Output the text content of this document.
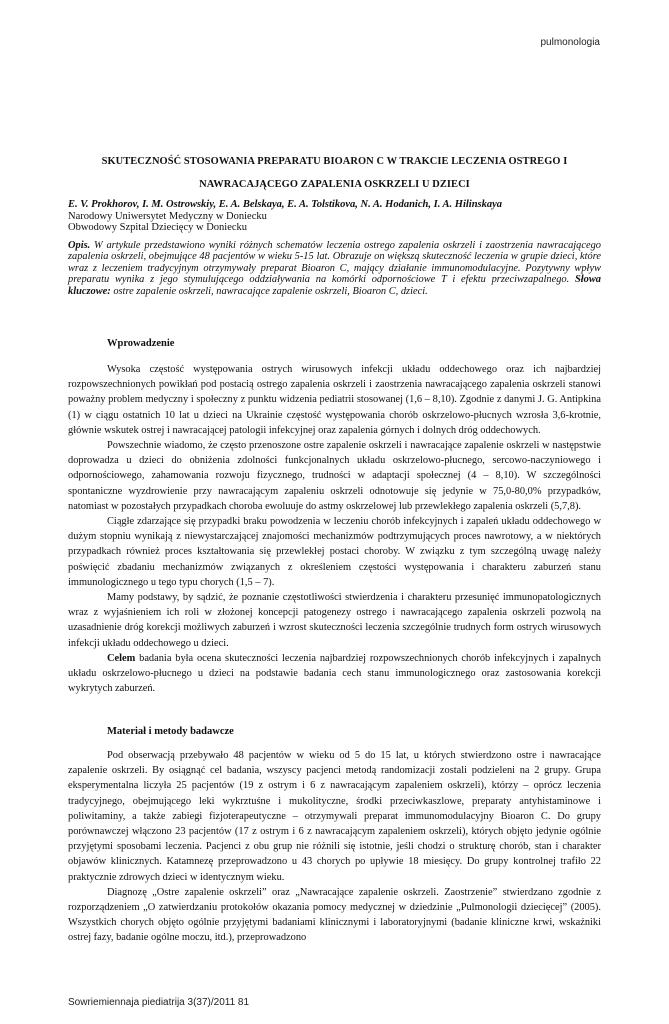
pulmonologia
SKUTECZNOŚĆ STOSOWANIA PREPARATU BIOARON C W TRAKCIE LECZENIA OSTREGO I
NAWRACAJĄCEGO ZAPALENIA OSKRZELI U DZIECI
E. V. Prokhorov, I. M. Ostrowskiy, E. A. Belskaya, E. A. Tolstikova, N. A. Hodanich, I. A. Hilinskaya
Narodowy Uniwersytet Medyczny w Doniecku
Obwodowy Szpital Dziecięcy w Doniecku
Opis. W artykule przedstawiono wyniki różnych schematów leczenia ostrego zapalenia oskrzeli i zaostrzenia nawracającego zapalenia oskrzeli, obejmujące 48 pacjentów w wieku 5-15 lat. Obrazuje on większą skuteczność leczenia w grupie dzieci, które wraz z leczeniem tradycyjnym otrzymywały preparat Bioaron C, mający działanie immunomodulacyjne. Pozytywny wpływ preparatu wynika z jego stymulującego oddziaływania na komórki odpornościowe T i efektu przeciwzapalnego. Słowa kluczowe: ostre zapalenie oskrzeli, nawracające zapalenie oskrzeli, Bioaron C, dzieci.
Wprowadzenie

Wysoka częstość występowania ostrych wirusowych infekcji układu oddechowego oraz ich najbardziej rozpowszechnionych powikłań pod postacią ostrego zapalenia oskrzeli i zaostrzenia nawracającego zapalenia oskrzeli stanowi poważny problem medyczny i społeczny z punktu widzenia pediatrii stosowanej (1,6 – 8,10). Zgodnie z danymi J. G. Antipkina (1) w ciągu ostatnich 10 lat u dzieci na Ukrainie częstość występowania chorób oskrzelowo-płucnych wzrosła 3,6-krotnie, głównie wskutek ostrej i nawracającej patologii infekcyjnej oraz zapalenia górnych i dolnych dróg oddechowych.

Powszechnie wiadomo, że często przenoszone ostre zapalenie oskrzeli i nawracające zapalenie oskrzeli w następstwie doprowadza u dzieci do obniżenia zdolności funkcjonalnych układu oskrzelowo-płucnego, sercowo-naczyniowego i odpornościowego, zahamowania rozwoju fizycznego, trudności w adaptacji społecznej (4 – 8,10). W szczególności spontaniczne wyzdrowienie przy nawracającym zapaleniu oskrzeli odnotowuje się jedynie w 75,0-80,0% przypadków, natomiast w pozostałych przypadkach choroba ewoluuje do astmy oskrzelowej lub przewlekłego zapalenia oskrzeli (5,7,8).

Ciągłe zdarzające się przypadki braku powodzenia w leczeniu chorób infekcyjnych i zapaleń układu oddechowego w dużym stopniu wynikają z niewystarczającej znajomości mechanizmów podtrzymujących proces nawrotowy, a w niektórych przypadkach również proces kształtowania się przewlekłej postaci choroby. W związku z tym szczególną uwagę należy poświęcić zbadaniu mechanizmów związanych z określeniem częstości występowania i charakteru zaburzeń stanu immunologicznego u tego typu chorych (1,5 – 7).

Mamy podstawy, by sądzić, że poznanie częstotliwości stwierdzenia i charakteru przesunięć immunopatologicznych wraz z wyjaśnieniem ich roli w złożonej koncepcji patogenezy ostrego i nawracającego zapalenia oskrzeli pozwolą na uzasadnienie dróg korekcji możliwych zaburzeń i wzrost skuteczności leczenia szczególnie trudnych form ostrych wirusowych infekcji układu oddechowego u dzieci.

Celem badania była ocena skuteczności leczenia najbardziej rozpowszechnionych chorób infekcyjnych i zapalnych układu oskrzelowo-płucnego u dzieci na podstawie badania cech stanu immunologicznego oraz zastosowania korekcji wykrytych zaburzeń.

Materiał i metody badawcze

Pod obserwacją przebywało 48 pacjentów w wieku od 5 do 15 lat, u których stwierdzono ostre i nawracające zapalenie oskrzeli. By osiągnąć cel badania, wszyscy pacjenci metodą randomizacji zostali podzieleni na 2 grupy. Grupa eksperymentalna liczyła 25 pacjentów (19 z ostrym i 6 z nawracającym zapaleniem oskrzeli), którzy – oprócz leczenia tradycyjnego, obejmującego leki wykrztuśne i mukolityczne, środki przeciwkaszlowe, preparaty antyhistaminowe i poliwitaminy, a także zabiegi fizjoterapeutyczne – otrzymywali preparat immunomodulacyjny Bioaron C. Do grupy porównawczej włączono 23 pacjentów (17 z ostrym i 6 z nawracającym zapaleniem oskrzeli), których objęto jedynie ogólnie przyjętymi sposobami leczenia. Pacjenci z obu grup nie różnili się istotnie, jeśli chodzi o strukturę chorób, stan i charakter objawów klinicznych. Katamnezę przeprowadzono u 43 chorych po upływie 18 miesięcy. Do grupy kontrolnej trafiło 22 praktycznie zdrowych dzieci w identycznym wieku.

Diagnozę „Ostre zapalenie oskrzeli” oraz „Nawracające zapalenie oskrzeli. Zaostrzenie” stwierdzano zgodnie z rozporządzeniem „O zatwierdzaniu protokołów okazania pomocy medycznej w dziedzinie „Pulmonologii dziecięcej” (2005). Wszystkich chorych objęto ogólnie przyjętymi badaniami klinicznymi i laboratoryjnymi (badanie kliniczne krwi, wskaźniki ostrej fazy, badanie ogólne moczu, itd.), przeprowadzono

Sowriemiennaja piediatrija 3(37)/2011 81
